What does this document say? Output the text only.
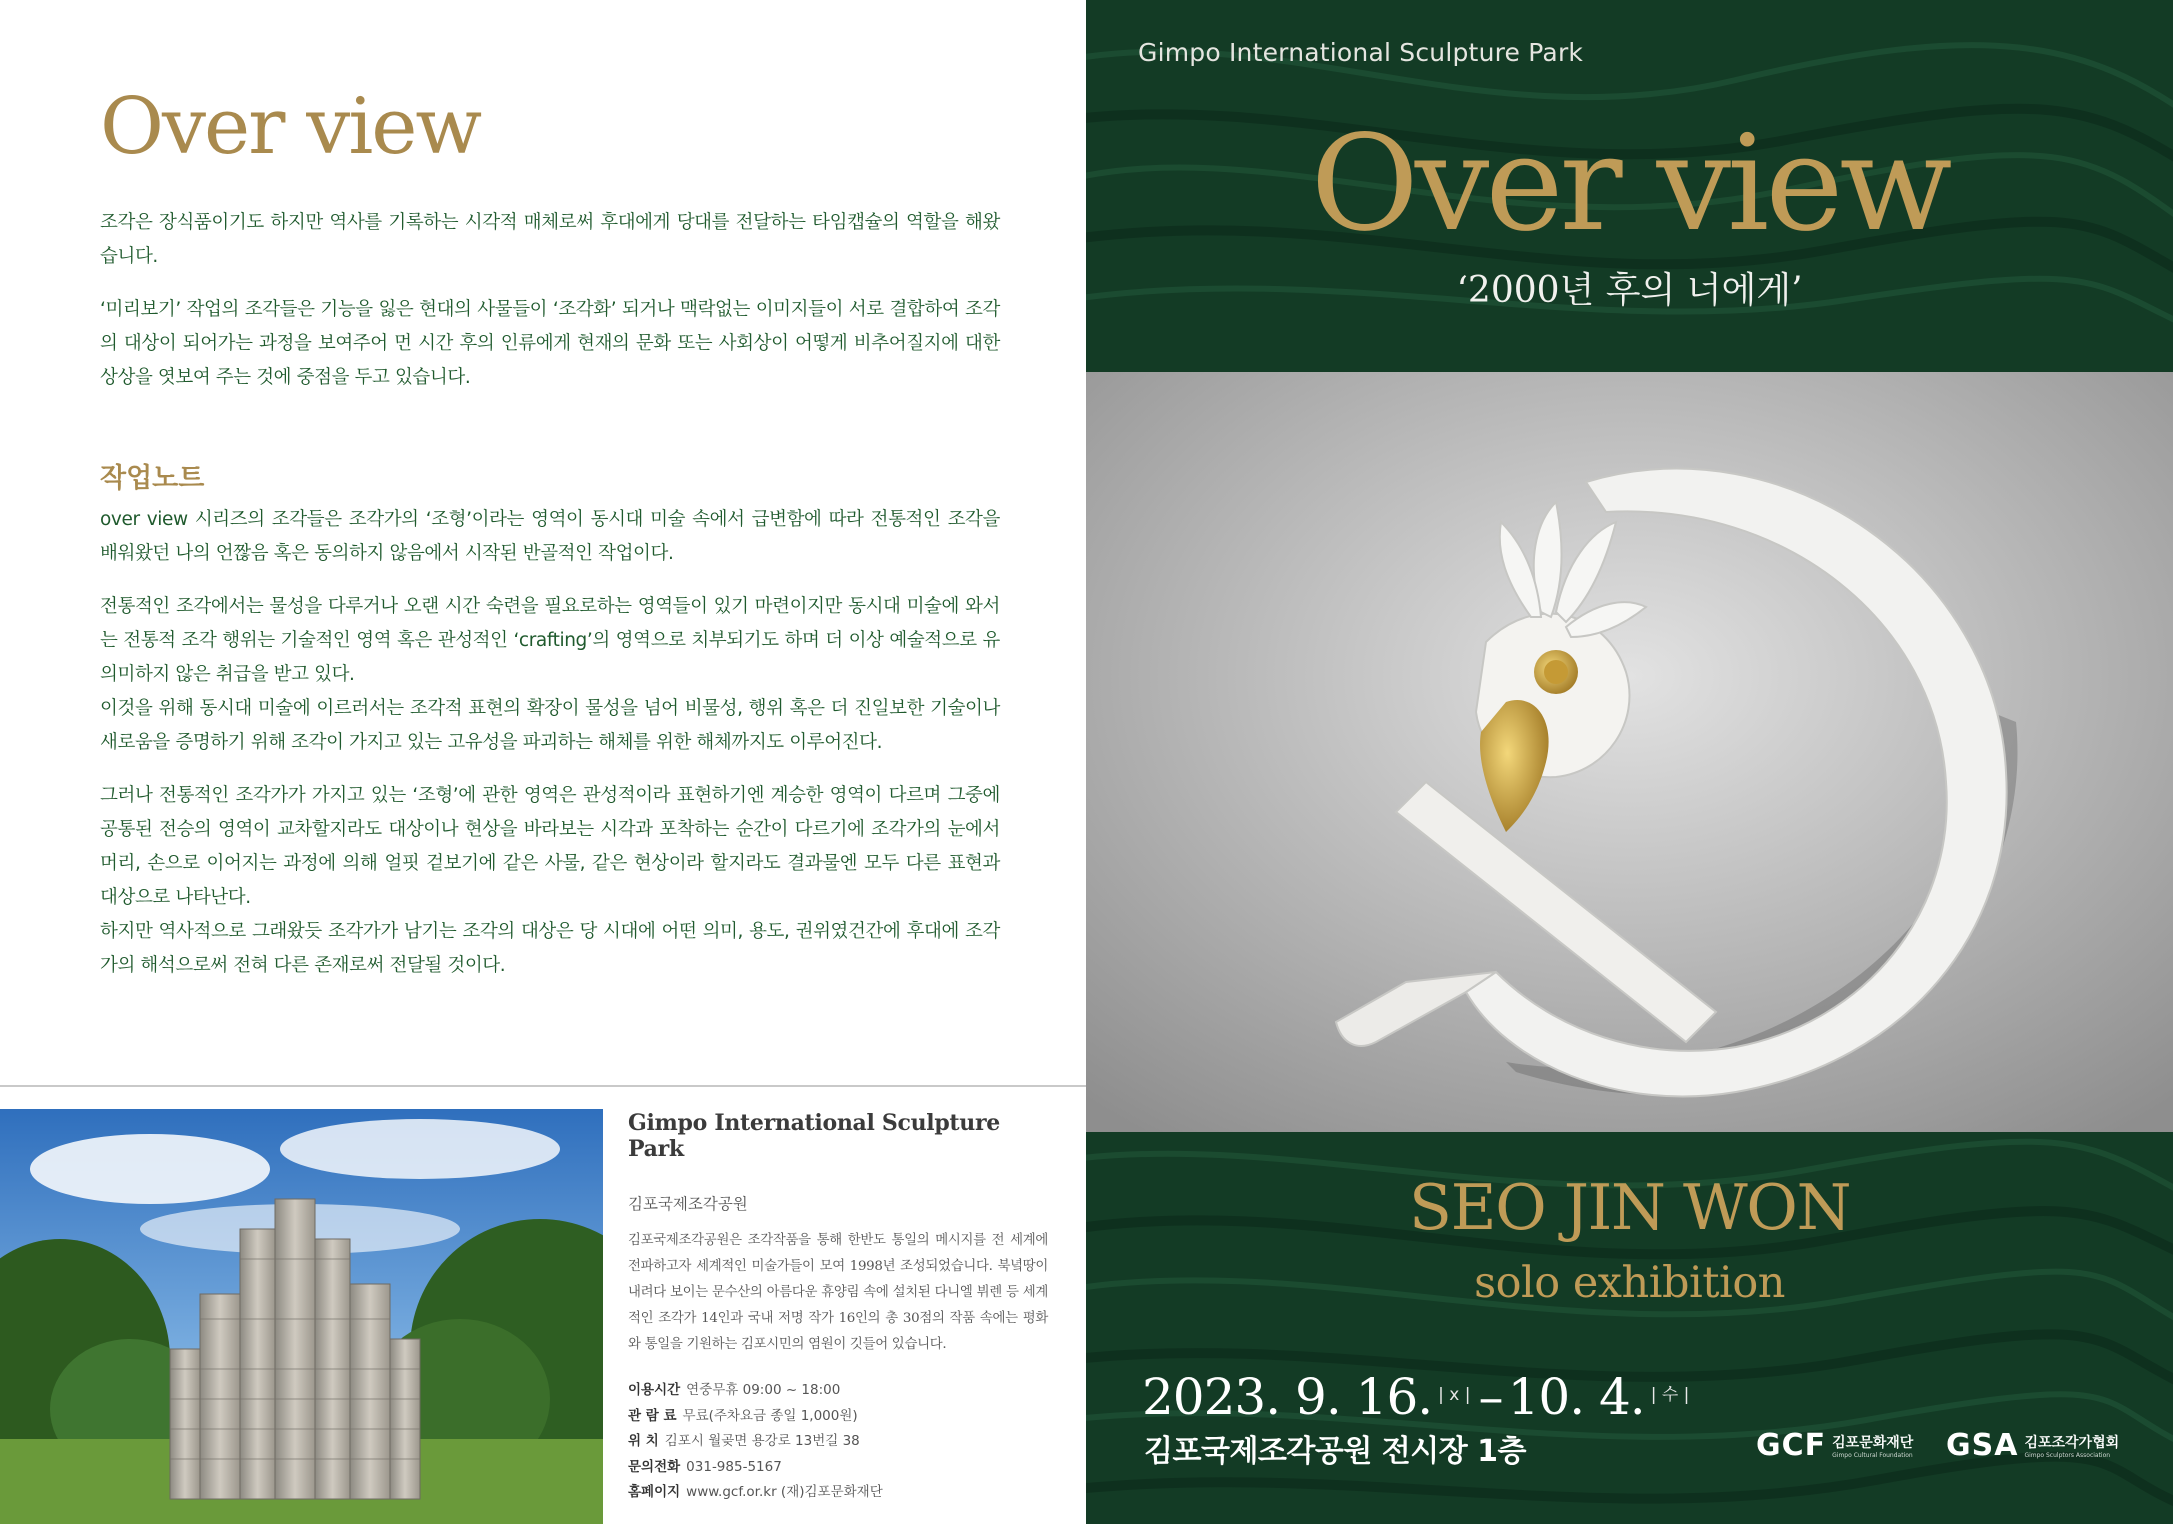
Over view

조각은 장식품이기도 하지만 역사를 기록하는 시각적 매체로써 후대에게 당대를 전달하는 타임캡슐의 역할을 해왔습니다.

‘미리보기’ 작업의 조각들은 기능을 잃은 현대의 사물들이 ‘조각화’ 되거나 맥락없는 이미지들이 서로 결합하여 조각의 대상이 되어가는 과정을 보여주어 먼 시간 후의 인류에게 현재의 문화 또는 사회상이 어떻게 비추어질지에 대한 상상을 엿보여 주는 것에 중점을 두고 있습니다.

작업노트

over view 시리즈의 조각들은 조각가의 ‘조형’이라는 영역이 동시대 미술 속에서 급변함에 따라 전통적인 조각을 배워왔던 나의 언짢음 혹은 동의하지 않음에서 시작된 반골적인 작업이다.

전통적인 조각에서는 물성을 다루거나 오랜 시간 숙련을 필요로하는 영역들이 있기 마련이지만 동시대 미술에 와서는 전통적 조각 행위는 기술적인 영역 혹은 관성적인 ‘crafting’의 영역으로 치부되기도 하며 더 이상 예술적으로 유의미하지 않은 취급을 받고 있다.

이것을 위해 동시대 미술에 이르러서는 조각적 표현의 확장이 물성을 넘어 비물성, 행위 혹은 더 진일보한 기술이나 새로움을 증명하기 위해 조각이 가지고 있는 고유성을 파괴하는 해체를 위한 해체까지도 이루어진다.

그러나 전통적인 조각가가 가지고 있는 ‘조형’에 관한 영역은 관성적이라 표현하기엔 계승한 영역이 다르며 그중에 공통된 전승의 영역이 교차할지라도 대상이나 현상을 바라보는 시각과 포착하는 순간이 다르기에 조각가의 눈에서 머리, 손으로 이어지는 과정에 의해 얼핏 겉보기에 같은 사물, 같은 현상이라 할지라도 결과물엔 모두 다른 표현과 대상으로 나타난다.

하지만 역사적으로 그래왔듯 조각가가 남기는 조각의 대상은 당 시대에 어떤 의미, 용도, 권위였건간에 후대에 조각가의 해석으로써 전혀 다른 존재로써 전달될 것이다.

Gimpo International Sculpture Park

김포국제조각공원

김포국제조각공원은 조각작품을 통해 한반도 통일의 메시지를 전 세계에 전파하고자 세계적인 미술가들이 모여 1998년 조성되었습니다. 북녘땅이 내려다 보이는 문수산의 아름다운 휴양림 속에 설치된 다니엘 뷔렌 등 세계적인 조각가 14인과 국내 저명 작가 16인의 총 30점의 작품 속에는 평화와 통일을 기원하는 김포시민의 염원이 깃들어 있습니다.

이용시간 연중무휴 09:00 ~ 18:00

관 람 료 무료(주차요금 종일 1,000원)

위 치 김포시 월곶면 용강로 13번길 38

문의전화 031-985-5167

홈페이지 www.gcf.or.kr (재)김포문화재단

Gimpo International Sculpture Park

Over view

‘2000년 후의 너에게’

SEO JIN WON

solo exhibition

2023. 9. 16. | x | – 10. 4. | 수 |

김포국제조각공원 전시장 1층	GCF 김포문화재단
Gimpo Cultural Foundation GSA 김포조각가협회
Gimpo Sculptors Association
